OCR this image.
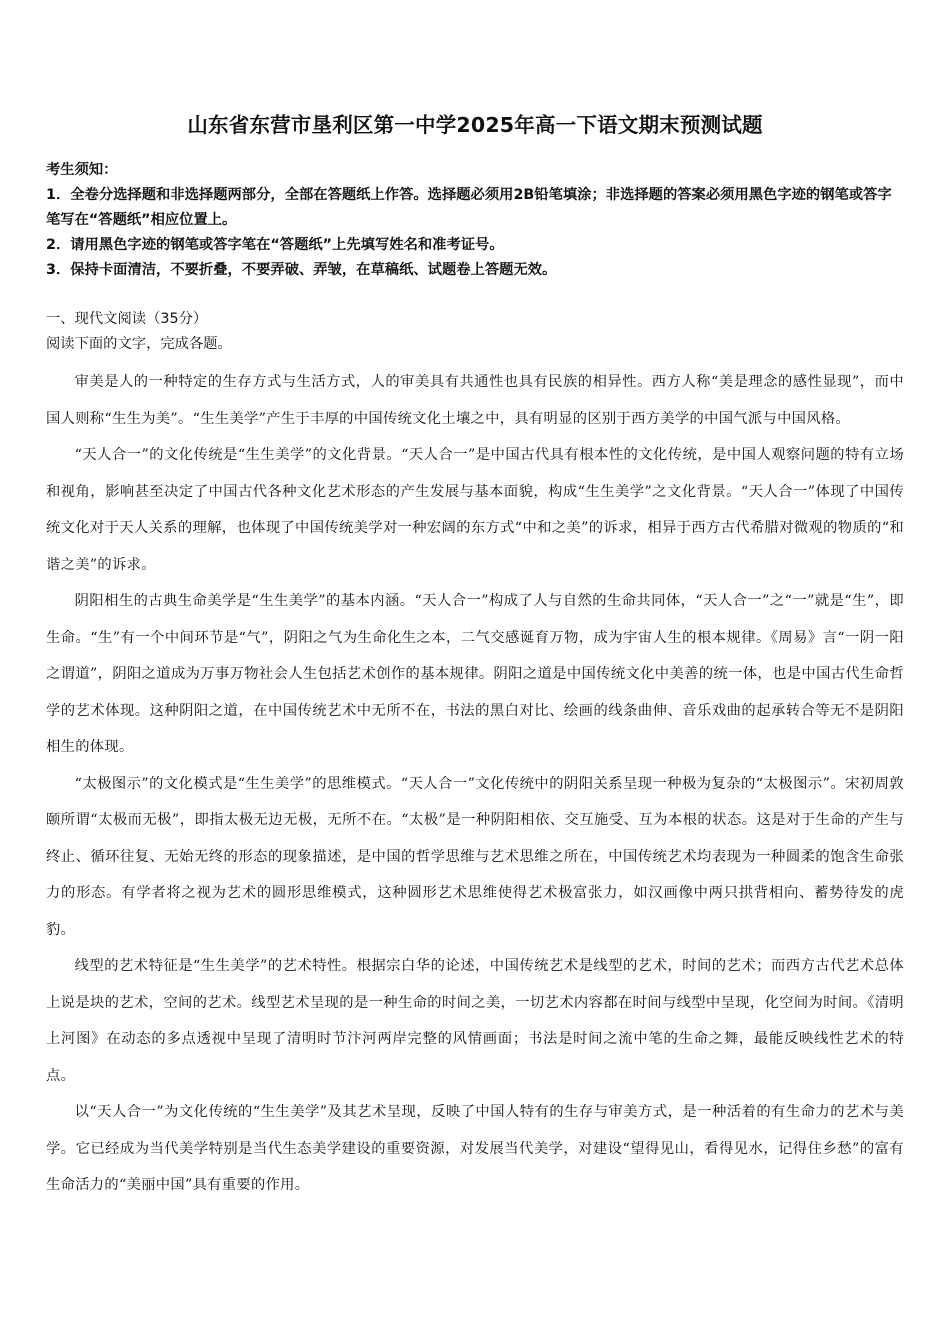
山东省东营市垦利区第一中学2025年高一下语文期末预测试题

考生须知：

1．全卷分选择题和非选择题两部分，全部在答题纸上作答。选择题必须用2B铅笔填涂；非选择题的答案必须用黑色字迹的钢笔或答字笔写在“答题纸”相应位置上。

2．请用黑色字迹的钢笔或答字笔在“答题纸”上先填写姓名和准考证号。

3．保持卡面清洁，不要折叠，不要弄破、弄皱，在草稿纸、试题卷上答题无效。

一、现代文阅读（35分）
阅读下面的文字，完成各题。

审美是人的一种特定的生存方式与生活方式，人的审美具有共通性也具有民族的相异性。西方人称“美是理念的感性显现”，而中国人则称“生生为美”。“生生美学”产生于丰厚的中国传统文化土壤之中，具有明显的区别于西方美学的中国气派与中国风格。

“天人合一”的文化传统是“生生美学”的文化背景。“天人合一”是中国古代具有根本性的文化传统，是中国人观察问题的特有立场和视角，影响甚至决定了中国古代各种文化艺术形态的产生发展与基本面貌，构成“生生美学”之文化背景。“天人合一”体现了中国传统文化对于天人关系的理解，也体现了中国传统美学对一种宏阔的东方式“中和之美”的诉求，相异于西方古代希腊对微观的物质的“和谐之美”的诉求。

阴阳相生的古典生命美学是“生生美学”的基本内涵。“天人合一”构成了人与自然的生命共同体，“天人合一”之“一”就是“生”，即生命。“生”有一个中间环节是“气”，阴阳之气为生命化生之本，二气交感诞育万物，成为宇宙人生的根本规律。《周易》言“一阴一阳之谓道”，阴阳之道成为万事万物社会人生包括艺术创作的基本规律。阴阳之道是中国传统文化中美善的统一体，也是中国古代生命哲学的艺术体现。这种阴阳之道，在中国传统艺术中无所不在，书法的黑白对比、绘画的线条曲伸、音乐戏曲的起承转合等无不是阴阳相生的体现。

“太极图示”的文化模式是“生生美学”的思维模式。“天人合一”文化传统中的阴阳关系呈现一种极为复杂的“太极图示”。宋初周敦颐所谓“太极而无极”，即指太极无边无极，无所不在。“太极”是一种阴阳相依、交互施受、互为本根的状态。这是对于生命的产生与终止、循环往复、无始无终的形态的现象描述，是中国的哲学思维与艺术思维之所在，中国传统艺术均表现为一种圆柔的饱含生命张力的形态。有学者将之视为艺术的圆形思维模式，这种圆形艺术思维使得艺术极富张力，如汉画像中两只拱背相向、蓄势待发的虎豹。

线型的艺术特征是“生生美学”的艺术特性。根据宗白华的论述，中国传统艺术是线型的艺术，时间的艺术；而西方古代艺术总体上说是块的艺术，空间的艺术。线型艺术呈现的是一种生命的时间之美，一切艺术内容都在时间与线型中呈现，化空间为时间。《清明上河图》在动态的多点透视中呈现了清明时节汴河两岸完整的风情画面；书法是时间之流中笔的生命之舞，最能反映线性艺术的特点。

以“天人合一”为文化传统的“生生美学”及其艺术呈现，反映了中国人特有的生存与审美方式，是一种活着的有生命力的艺术与美学。它已经成为当代美学特别是当代生态美学建设的重要资源，对发展当代美学，对建设“望得见山，看得见水，记得住乡愁”的富有生命活力的“美丽中国”具有重要的作用。
